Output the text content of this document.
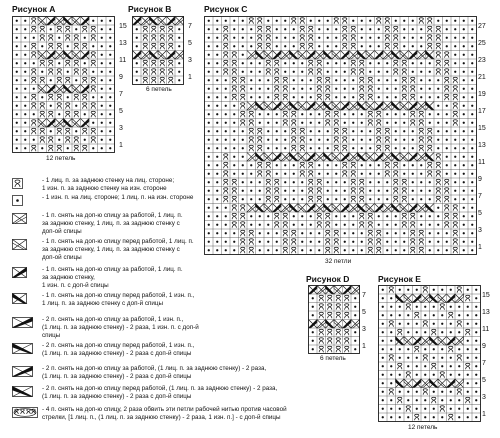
Рисунок A
15
13
11
9
7
5
3
1
12 петель
Рисунок B
7
5
3
1
6 петель
Рисунок C
27
25
23
21
19
17
15
13
11
9
7
5
3
1
32 петли
Рисунок D
7
5
3
1
6 петель
Рисунок E
15
13
11
9
7
5
3
1
12 петель
- 1 лиц. п. за заднюю стенку на лиц. стороне;
1 изн. п. за заднюю стенку на изн. стороне
- 1 изн. п. на лиц. стороне; 1 лиц. п. на изн. стороне
- 1 п. снять на доп-ю спицу за работой, 1 лиц. п.
за заднюю стенку, 1 лиц. п. за заднюю стенку с
доп-ой спицы
- 1 п. снять на доп-ю спицу перед работой, 1 лиц. п.
за заднюю стенку, 1 лиц. п. за заднюю стенку с
доп-ой спицы
- 1 п. снять на доп-ю спицу за работой, 1 лиц. п.
за заднюю стенку,
1 изн. п. с доп-й спицы
- 1 п. снять на доп-ю спицу перед работой, 1 изн. п.,
1 лиц. п. за заднюю стенку с доп-й спицы
- 2 п. снять на доп-ю спицу за работой, 1 изн. п.,
(1 лиц. п. за заднюю стенку) - 2 раза, 1 изн. п. с доп-й
спицы
- 2 п. снять на доп-ю спицу перед работой, 1 изн. п.,
(1 лиц. п. за заднюю стенку) - 2 раза с доп-й спицы
- 2 п. снять на доп-ю спицу за работой, (1 лиц. п. за заднюю стенку) - 2 раза,
(1 лиц. п. за заднюю стенку) - 2 раза с доп-й спицы
- 2 п. снять на доп-ю спицу перед работой, (1 лиц. п. за заднюю стенку) - 2 раза,
(1 лиц. п. за заднюю стенку) - 2 раза с доп-й спицы
- 4 п. снять на доп-ю спицу, 2 раза обвить эти петли рабочей нитью против часовой
стрелки, [1 лиц. п., (1 лиц. п. за заднюю стенку) - 2 раза, 1 изн. п.] - с доп-й спицы
